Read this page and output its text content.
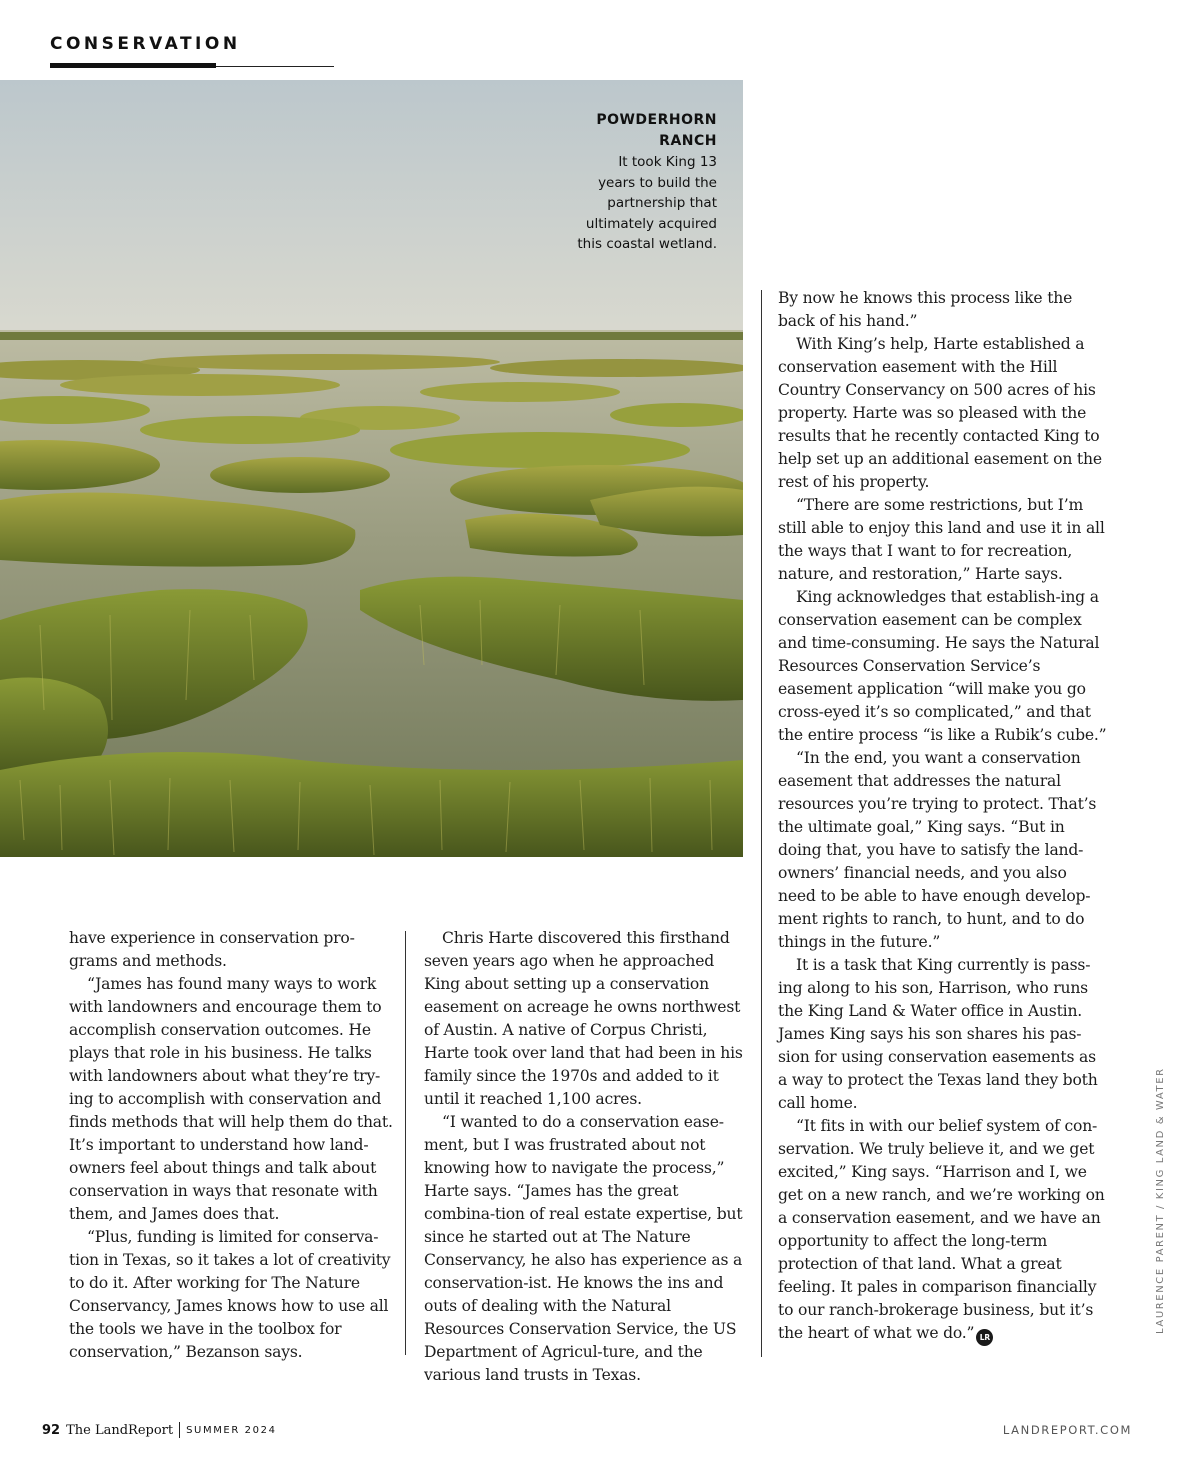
CONSERVATION
POWDERHORN
RANCH
It took King 13
years to build the
partnership that
ultimately acquired
this coastal wetland.

have experience in conservation pro-grams and methods.

“James has found many ways to work with landowners and encourage them to accomplish conservation outcomes. He plays that role in his business. He talks with landowners about what they’re try-ing to accomplish with conservation and finds methods that will help them do that. It’s important to understand how land-owners feel about things and talk about conservation in ways that resonate with them, and James does that.

“Plus, funding is limited for conserva-tion in Texas, so it takes a lot of creativity to do it. After working for The Nature Conservancy, James knows how to use all the tools we have in the toolbox for conservation,” Bezanson says.

Chris Harte discovered this firsthand seven years ago when he approached King about setting up a conservation easement on acreage he owns northwest of Austin. A native of Corpus Christi, Harte took over land that had been in his family since the 1970s and added to it until it reached 1,100 acres.

“I wanted to do a conservation ease-ment, but I was frustrated about not knowing how to navigate the process,” Harte says. “James has the great combina-tion of real estate expertise, but since he started out at The Nature Conservancy, he also has experience as a conservation-ist. He knows the ins and outs of dealing with the Natural Resources Conservation Service, the US Department of Agricul-ture, and the various land trusts in Texas.

By now he knows this process like the back of his hand.”

With King’s help, Harte established a conservation easement with the Hill Country Conservancy on 500 acres of his property. Harte was so pleased with the results that he recently contacted King to help set up an additional easement on the rest of his property.

“There are some restrictions, but I’m still able to enjoy this land and use it in all the ways that I want to for recreation, nature, and restoration,” Harte says.

King acknowledges that establish-ing a conservation easement can be complex and time-consuming. He says the Natural Resources Conservation Service’s easement application “will make you go cross-eyed it’s so complicated,” and that the entire process “is like a Rubik’s cube.”

“In the end, you want a conservation easement that addresses the natural resources you’re trying to protect. That’s the ultimate goal,” King says. “But in doing that, you have to satisfy the land-owners’ financial needs, and you also need to be able to have enough develop-ment rights to ranch, to hunt, and to do things in the future.”

It is a task that King currently is pass-ing along to his son, Harrison, who runs the King Land & Water office in Austin. James King says his son shares his pas-sion for using conservation easements as a way to protect the Texas land they both call home.

“It fits in with our belief system of con-servation. We truly believe it, and we get excited,” King says. “Harrison and I, we get on a new ranch, and we’re working on a conservation easement, and we have an opportunity to affect the long-term protection of that land. What a great feeling. It pales in comparison financially to our ranch-brokerage business, but it’s the heart of what we do.” LR

LAURENCE PARENT / KING LAND & WATER
92 The LandReport SUMMER 2024	LANDREPORT.COM
